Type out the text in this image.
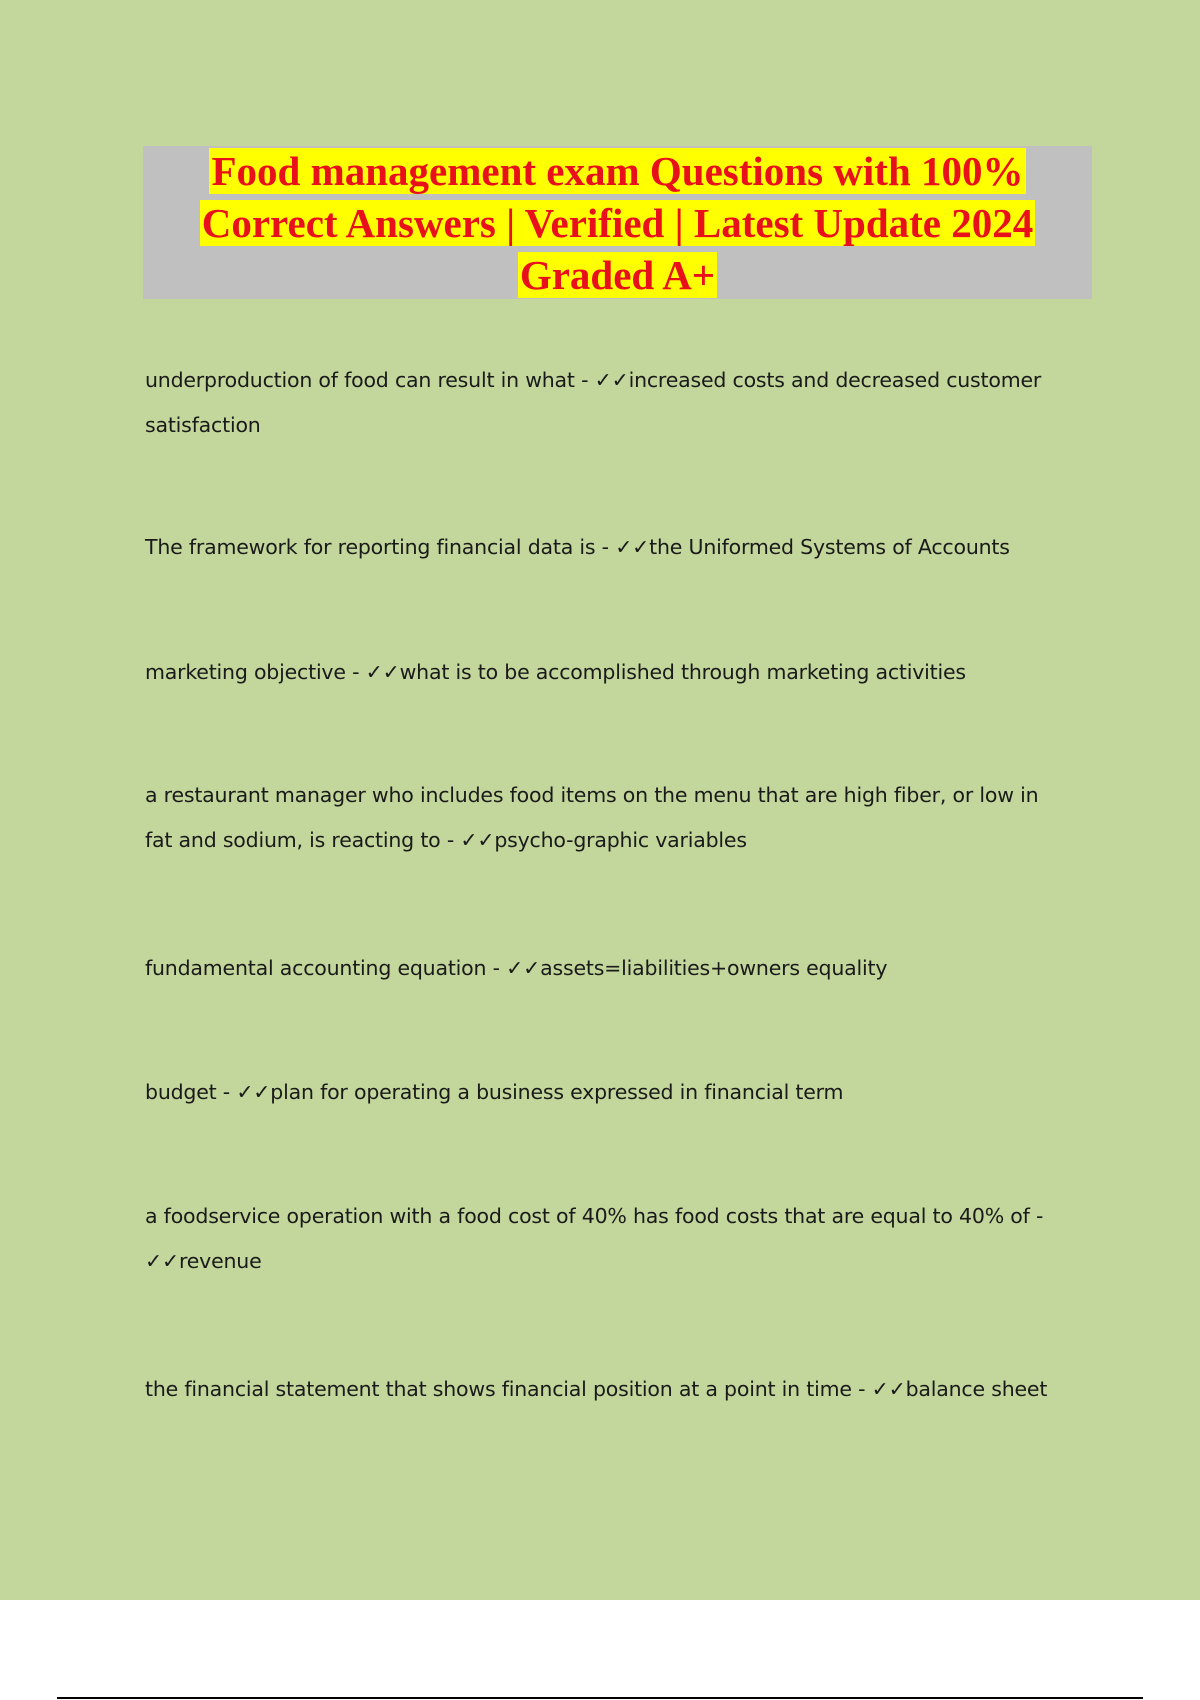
Food management exam Questions with 100% Correct Answers | Verified | Latest Update 2024 Graded A+

underproduction of food can result in what - ✓✓increased costs and decreased customer satisfaction

The framework for reporting financial data is - ✓✓the Uniformed Systems of Accounts

marketing objective - ✓✓what is to be accomplished through marketing activities

a restaurant manager who includes food items on the menu that are high fiber, or low in fat and sodium, is reacting to - ✓✓psycho-graphic variables

fundamental accounting equation - ✓✓assets=liabilities+owners equality

budget - ✓✓plan for operating a business expressed in financial term

a foodservice operation with a food cost of 40% has food costs that are equal to 40% of - ✓✓revenue

the financial statement that shows financial position at a point in time - ✓✓balance sheet
